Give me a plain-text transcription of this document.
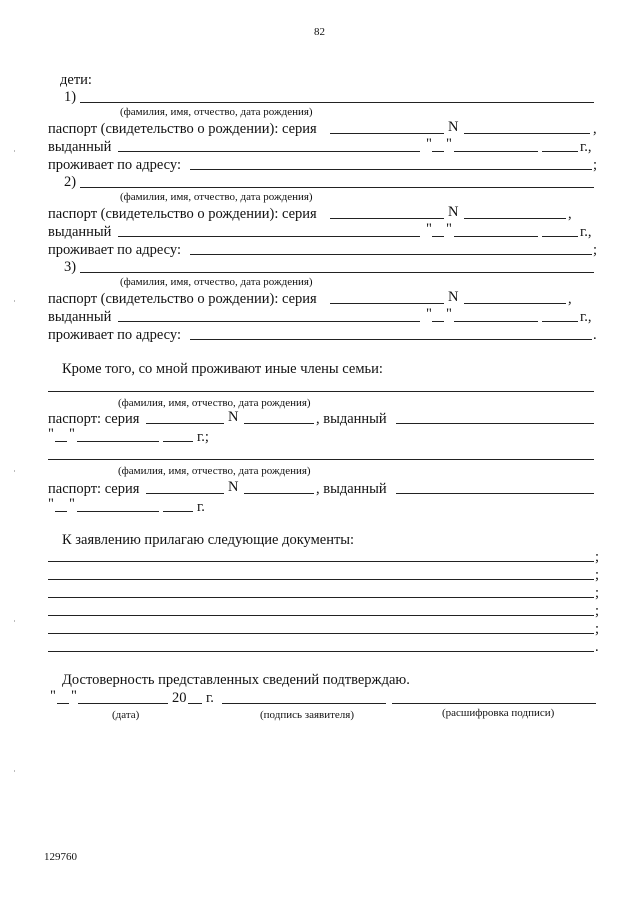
82
дети:
1)
(фамилия, имя, отчество, дата рождения)
паспорт (свидетельство о рождении): серия	N	,
выданный	" "	г.,
проживает по адресу:	;
2)
(фамилия, имя, отчество, дата рождения)
паспорт (свидетельство о рождении): серия	N	,
выданный	" "	г.,
проживает по адресу:	;
3)
(фамилия, имя, отчество, дата рождения)
паспорт (свидетельство о рождении): серия	N	,
выданный	" "	г.,
проживает по адресу:	.
Кроме того, со мной проживают иные члены семьи:
(фамилия, имя, отчество, дата рождения)
паспорт: серия	N	, выданный
" "	г.;
(фамилия, имя, отчество, дата рождения)
паспорт: серия	N	, выданный
" "	г.
К заявлению прилагаю следующие документы:
;
;
;
;
;
.
Достоверность представленных сведений подтверждаю.
" "	20 г.
(дата)	(подпись заявителя)	(расшифровка подписи)
129760
